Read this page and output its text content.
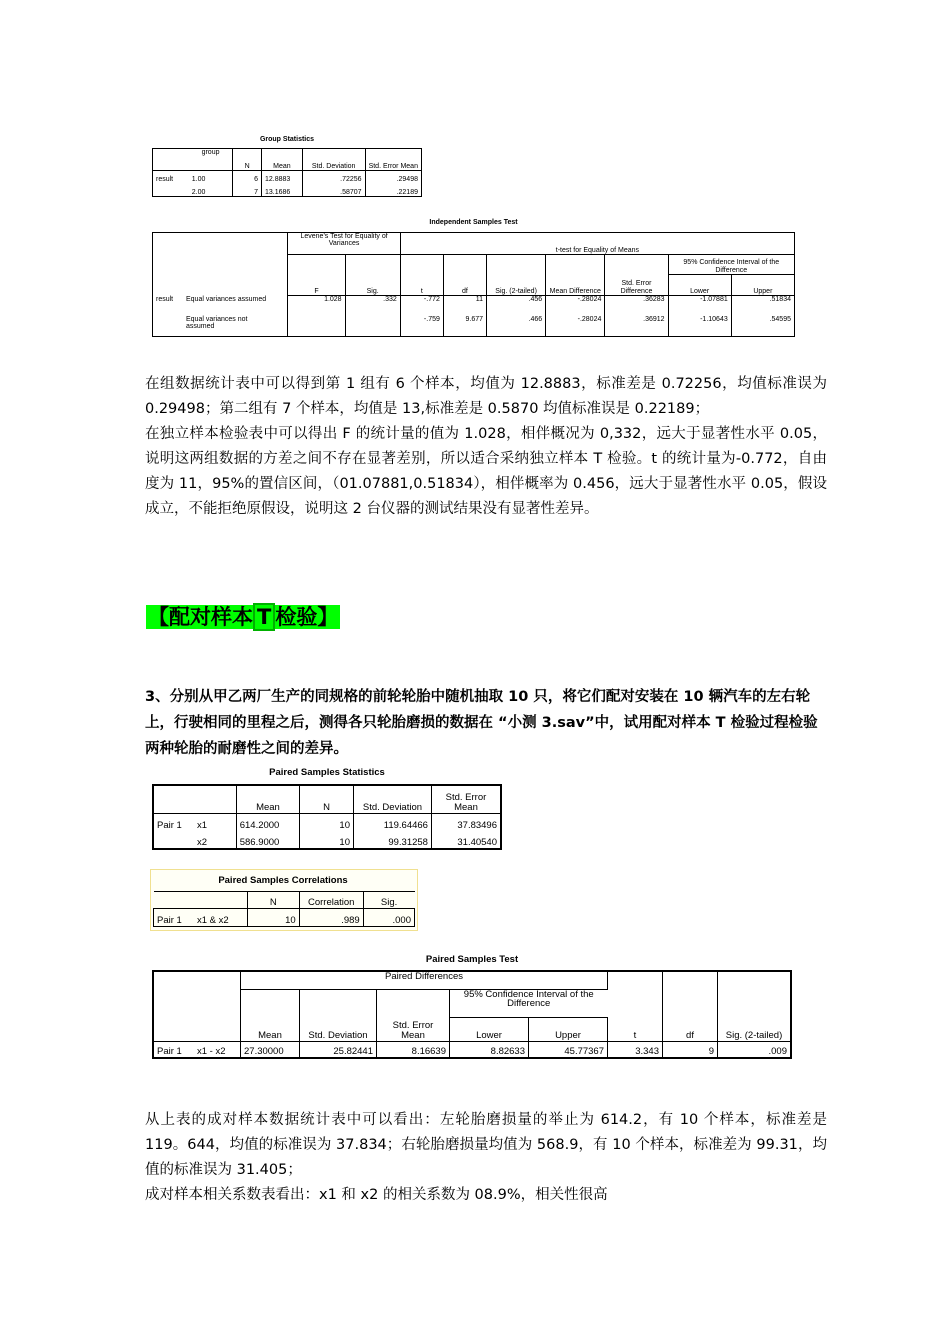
Group Statistics
	group	N	Mean	Std. Deviation	Std. Error Mean
result	1.00	6	12.8883	.72256	.29498
	2.00	7	13.1686	.58707	.22189
Independent Samples Test
	Levene's Test for Equality of Variances		t-test for Equality of Means						
	F	Sig.	t	df	Sig. (2-tailed)	Mean Difference	Std. Error Difference	95% Confidence Interval of the Difference	
								Lower	Upper
result Equal variances assumed	1.028	.332	-.772	11	.456	-.28024	.36283	-1.07881	.51834
Equal variances not assumed			-.759	9.677	.466	-.28024	.36912	-1.10643	.54595

在组数据统计表中可以得到第 1 组有 6 个样本，均值为 12.8883，标准差是 0.72256，均值标准误为 0.29498；第二组有 7 个样本，均值是 13,标准差是 0.5870 均值标准误是 0.22189；

在独立样本检验表中可以得出 F 的统计量的值为 1.028，相伴概况为 0,332，远大于显著性水平 0.05，说明这两组数据的方差之间不存在显著差别，所以适合采纳独立样本 T 检验。t 的统计量为-0.772，自由度为 11，95%的置信区间，（01.07881,0.51834），相伴概率为 0.456，远大于显著性水平 0.05，假设成立，不能拒绝原假设，说明这 2 台仪器的测试结果没有显著性差异。

【配对样本 T 检验】
3、分别从甲乙两厂生产的同规格的前轮轮胎中随机抽取 10 只，将它们配对安装在 10 辆汽车的左右轮上，行驶相同的里程之后，测得各只轮胎磨损的数据在 “小测 3.sav”中，试用配对样本 T 检验过程检验两种轮胎的耐磨性之间的差异。
Paired Samples Statistics
	Mean	N	Std. Deviation	Std. Error Mean
Pair 1 x1	614.2000	10	119.64466	37.83496
x2	586.9000	10	99.31258	31.40540
Paired Samples Correlations
	N	Correlation	Sig.
Pair 1 x1 & x2	10	.989	.000
Paired Samples Test
	Paired Differences					t	df	Sig. (2-tailed)
	Mean	Std. Deviation	Std. Error Mean	95% Confidence Interval of the Difference				
				Lower	Upper			
Pair 1 x1 - x2	27.30000	25.82441	8.16639	8.82633	45.77367	3.343	9	.009

从上表的成对样本数据统计表中可以看出：左轮胎磨损量的举止为 614.2，有 10 个样本，标准差是 119。644，均值的标准误为 37.834；右轮胎磨损量均值为 568.9，有 10 个样本，标准差为 99.31，均值的标准误为 31.405；

成对样本相关系数表看出：x1 和 x2 的相关系数为 08.9%，相关性很高
